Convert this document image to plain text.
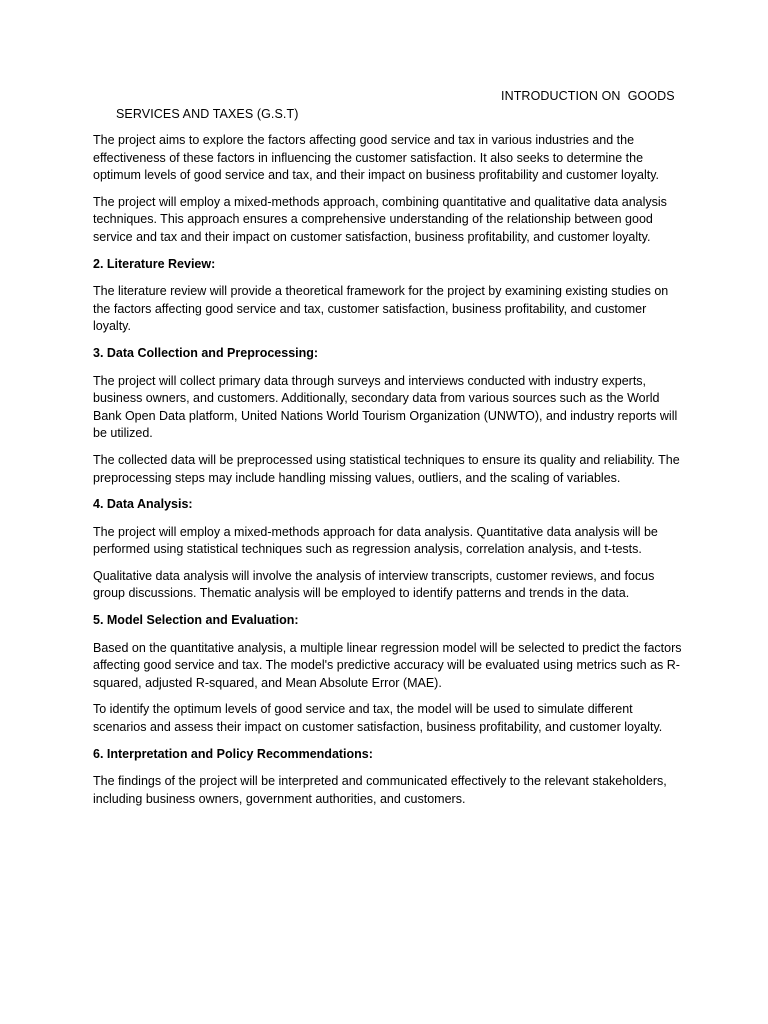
INTRODUCTION ON  GOODS
SERVICES AND TAXES (G.S.T)

The project aims to explore the factors affecting good service and tax in various industries and the effectiveness of these factors in influencing the customer satisfaction. It also seeks to determine the optimum levels of good service and tax, and their impact on business profitability and customer loyalty.

The project will employ a mixed-methods approach, combining quantitative and qualitative data analysis techniques. This approach ensures a comprehensive understanding of the relationship between good service and tax and their impact on customer satisfaction, business profitability, and customer loyalty.

2. Literature Review:

The literature review will provide a theoretical framework for the project by examining existing studies on the factors affecting good service and tax, customer satisfaction, business profitability, and customer loyalty.

3. Data Collection and Preprocessing:

The project will collect primary data through surveys and interviews conducted with industry experts, business owners, and customers. Additionally, secondary data from various sources such as the World Bank Open Data platform, United Nations World Tourism Organization (UNWTO), and industry reports will be utilized.

The collected data will be preprocessed using statistical techniques to ensure its quality and reliability. The preprocessing steps may include handling missing values, outliers, and the scaling of variables.

4. Data Analysis:

The project will employ a mixed-methods approach for data analysis. Quantitative data analysis will be performed using statistical techniques such as regression analysis, correlation analysis, and t-tests.

Qualitative data analysis will involve the analysis of interview transcripts, customer reviews, and focus group discussions. Thematic analysis will be employed to identify patterns and trends in the data.

5. Model Selection and Evaluation:

Based on the quantitative analysis, a multiple linear regression model will be selected to predict the factors affecting good service and tax. The model's predictive accuracy will be evaluated using metrics such as R-squared, adjusted R-squared, and Mean Absolute Error (MAE).

To identify the optimum levels of good service and tax, the model will be used to simulate different scenarios and assess their impact on customer satisfaction, business profitability, and customer loyalty.

6. Interpretation and Policy Recommendations:

The findings of the project will be interpreted and communicated effectively to the relevant stakeholders, including business owners, government authorities, and customers.
